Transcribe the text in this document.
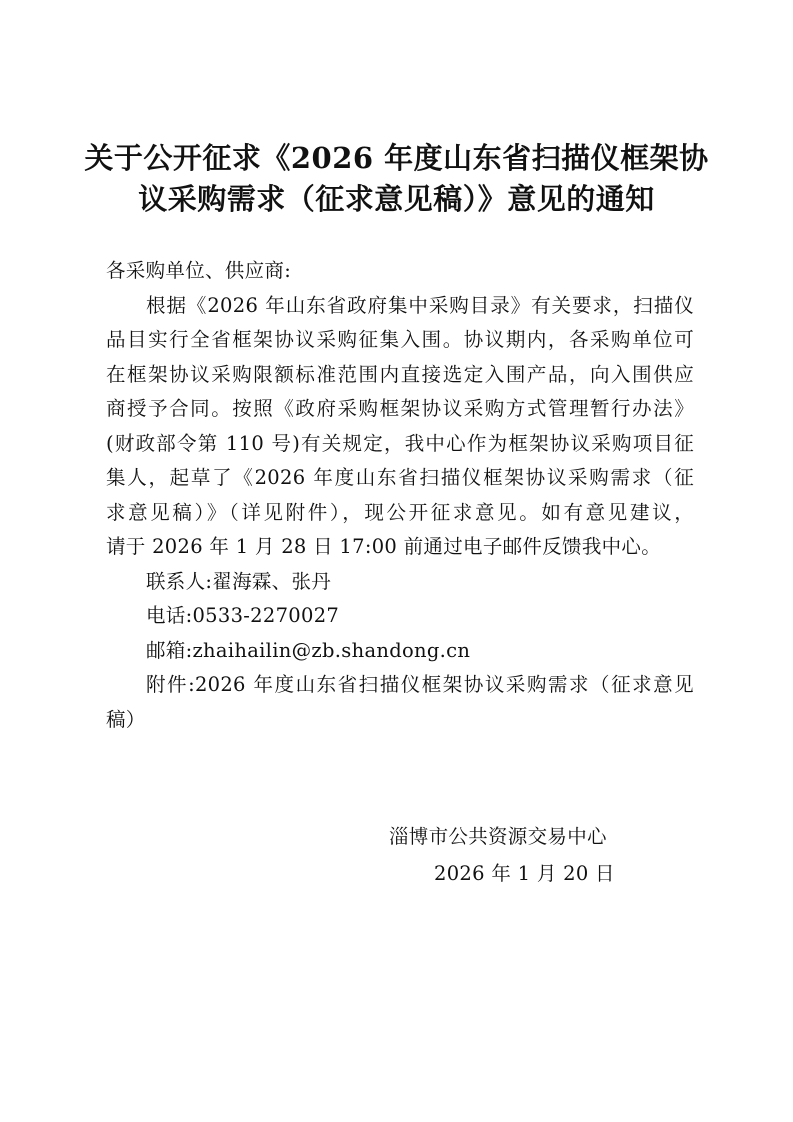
关于公开征求《2026 年度山东省扫描仪框架协
议采购需求（征求意见稿）》意见的通知
各采购单位、供应商:
根据《2026 年山东省政府集中采购目录》有关要求，扫描仪
品目实行全省框架协议采购征集入围。协议期内，各采购单位可
在框架协议采购限额标准范围内直接选定入围产品，向入围供应
商授予合同。按照《政府采购框架协议采购方式管理暂行办法》
(财政部令第 110 号)有关规定，我中心作为框架协议采购项目征
集人，起草了《2026 年度山东省扫描仪框架协议采购需求（征
求意见稿）》（详见附件），现公开征求意见。如有意见建议，
请于 2026 年 1 月 28 日 17:00 前通过电子邮件反馈我中心。
联系人:翟海霖、张丹
电话:0533-2270027
邮箱:zhaihailin@zb.shandong.cn
附件:2026 年度山东省扫描仪框架协议采购需求（征求意见
稿）
淄博市公共资源交易中心
2026 年 1 月 20 日
